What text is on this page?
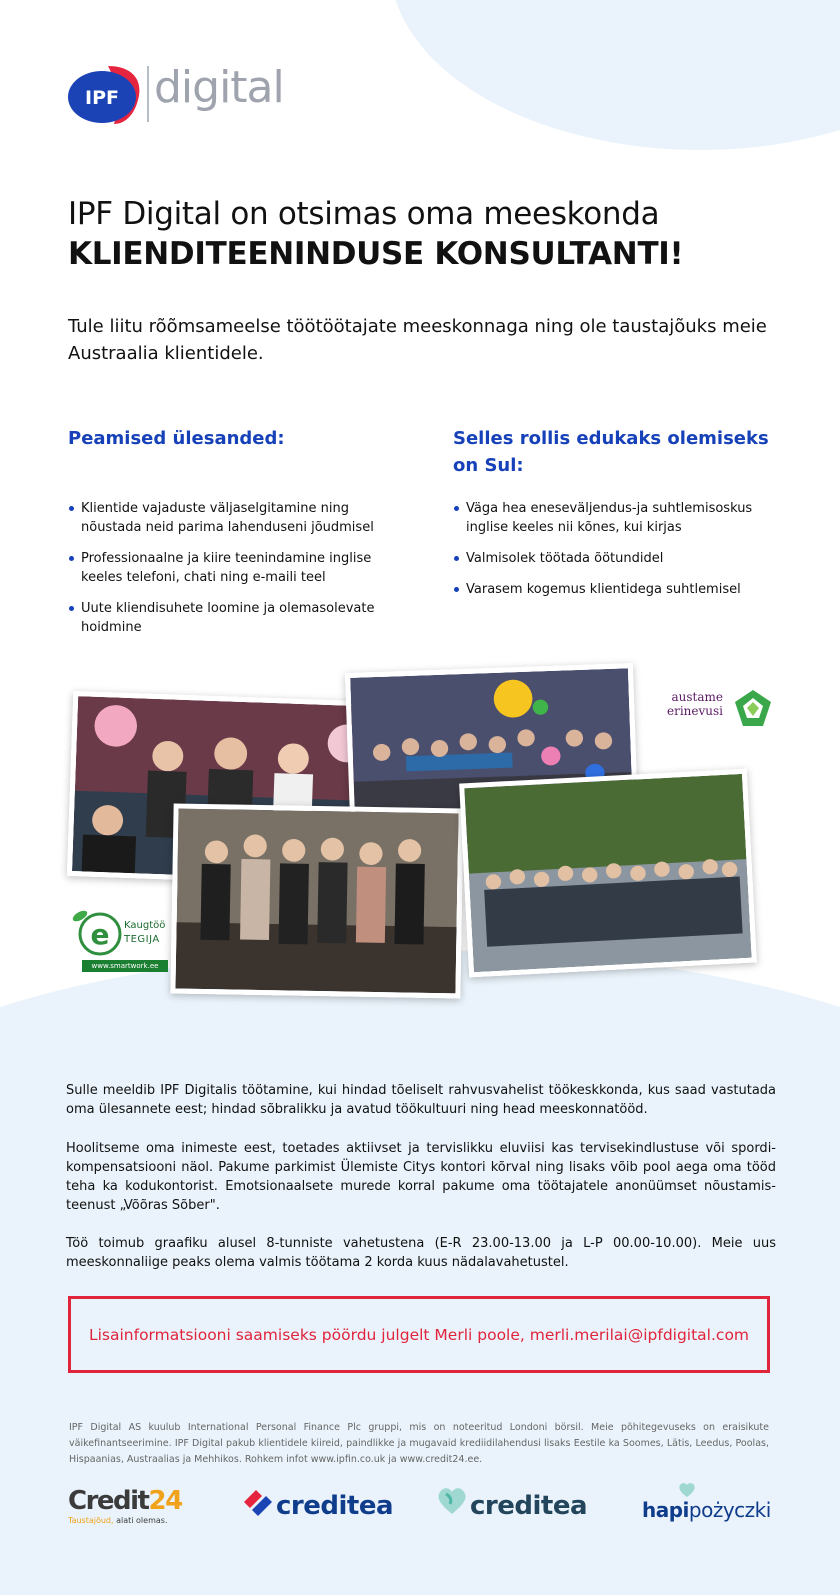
IPF digital
IPF Digital on otsimas oma meeskonda
KLIENDITEENINDUSE KONSULTANTI!
Tule liitu rõõmsameelse töötöötajate meeskonnaga ning ole taustajõuks meie Austraalia klientidele.
Peamised ülesanded:
Klientide vajaduste väljaselgitamine ning nõustada neid parima lahenduseni jõudmisel
Professionaalne ja kiire teenindamine inglise keeles telefoni, chati ning e-maili teel
Uute kliendisuhete loomine ja olemasolevate hoidmine
Selles rollis edukaks olemiseks on Sul:
Väga hea eneseväljendus-ja suhtlemisoskus inglise keeles nii kõnes, kui kirjas
Valmisolek töötada õötundidel
Varasem kogemus klientidega suhtlemisel
austame
erinevusi
e Kaugtöö
TEGIJA
www.smartwork.ee

Sulle meeldib IPF Digitalis töötamine, kui hindad tõeliselt rahvusvahelist töökeskkonda, kus saad vastutada oma ülesannete eest; hindad sõbralikku ja avatud töökultuuri ning head meeskonnatööd.

Hoolitseme oma inimeste eest, toetades aktiivset ja tervislikku eluviisi kas tervisekindlustuse või spordi-kompensatsiooni näol. Pakume parkimist Ülemiste Citys kontori kõrval ning lisaks võib pool aega oma tööd teha ka kodukontorist. Emotsionaalsete murede korral pakume oma töötajatele anonüümset nõustamis-teenust „Võõras Sõber".

Töö toimub graafiku alusel 8-tunniste vahetustena (E-R 23.00-13.00 ja L-P 00.00-10.00). Meie uus meeskonnaliige peaks olema valmis töötama 2 korda kuus nädalavahetustel.

Lisainformatsiooni saamiseks pöördu julgelt Merli poole, merli.merilai@ipfdigital.com

IPF Digital AS kuulub International Personal Finance Plc gruppi, mis on noteeritud Londoni börsil. Meie põhitegevuseks on eraisikute väikefinantseerimine. IPF Digital pakub klientidele kiireid, paindlikke ja mugavaid krediidilahendusi lisaks Eestile ka Soomes, Lätis, Leedus, Poolas, Hispaanias, Austraalias ja Mehhikos. Rohkem infot www.ipfin.co.uk ja www.credit24.ee.

Credit24
Taustajõud, alati olemas.	creditea	creditea	hapipożyczki
